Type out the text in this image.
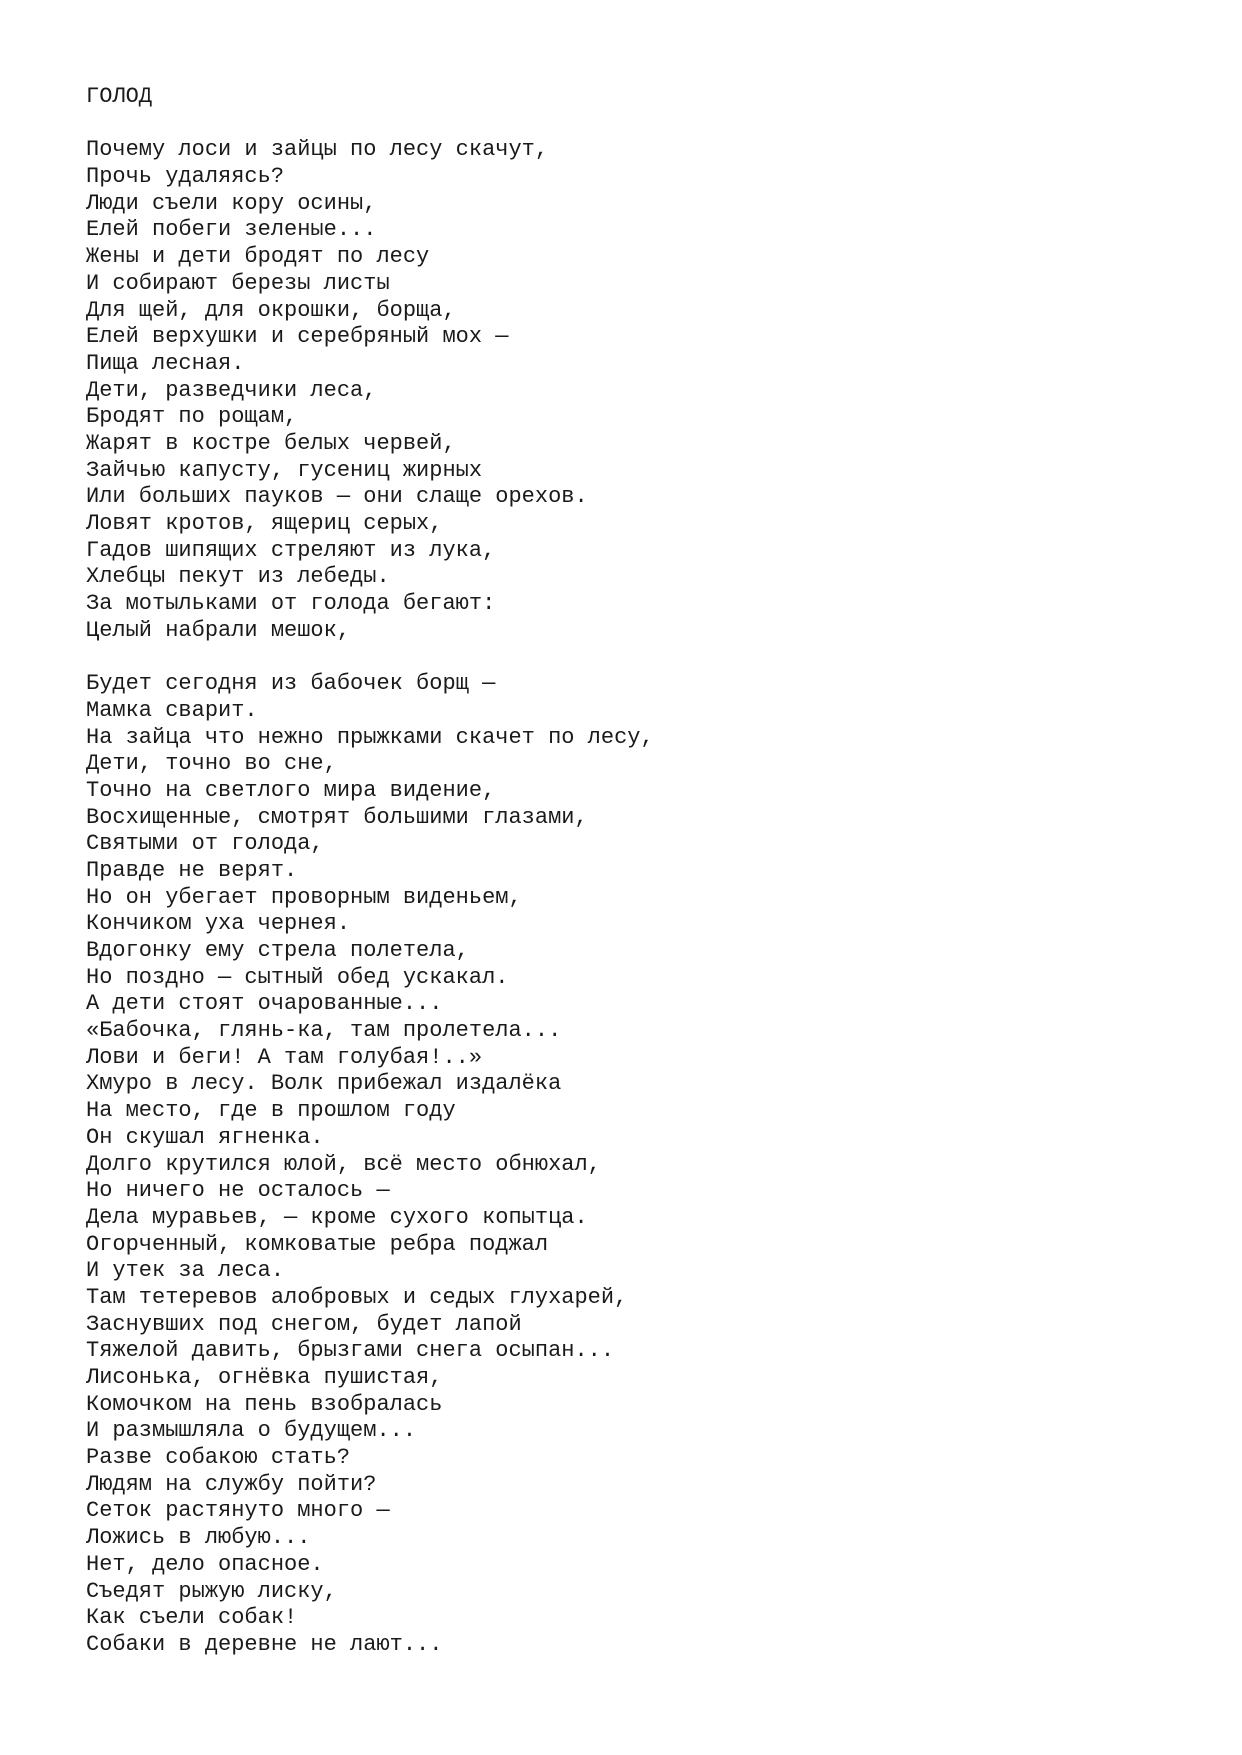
ГОЛОД
Почему лоси и зайцы по лесу скачут,
Прочь удаляясь?
Люди съели кору осины,
Елей побеги зеленые...
Жены и дети бродят по лесу
И собирают березы листы
Для щей, для окрошки, борща,
Елей верхушки и серебряный мох —
Пища лесная.
Дети, разведчики леса,
Бродят по рощам,
Жарят в костре белых червей,
Зайчью капусту, гусениц жирных
Или больших пауков — они слаще орехов.
Ловят кротов, ящериц серых,
Гадов шипящих стреляют из лука,
Хлебцы пекут из лебеды.
За мотыльками от голода бегают:
Целый набрали мешок,
Будет сегодня из бабочек борщ —
Мамка сварит.
На зайца что нежно прыжками скачет по лесу,
Дети, точно во сне,
Точно на светлого мира видение,
Восхищенные, смотрят большими глазами,
Святыми от голода,
Правде не верят.
Но он убегает проворным виденьем,
Кончиком уха чернея.
Вдогонку ему стрела полетела,
Но поздно — сытный обед ускакал.
А дети стоят очарованные...
«Бабочка, глянь-ка, там пролетела...
Лови и беги! А там голубая!..»
Хмуро в лесу. Волк прибежал издалёка
На место, где в прошлом году
Он скушал ягненка.
Долго крутился юлой, всё место обнюхал,
Но ничего не осталось —
Дела муравьев, — кроме сухого копытца.
Огорченный, комковатые ребра поджал
И утек за леса.
Там тетеревов алобровых и седых глухарей,
Заснувших под снегом, будет лапой
Тяжелой давить, брызгами снега осыпан...
Лисонька, огнёвка пушистая,
Комочком на пень взобралась
И размышляла о будущем...
Разве собакою стать?
Людям на службу пойти?
Сеток растянуто много —
Ложись в любую...
Нет, дело опасное.
Съедят рыжую лиску,
Как съели собак!
Собаки в деревне не лают...
